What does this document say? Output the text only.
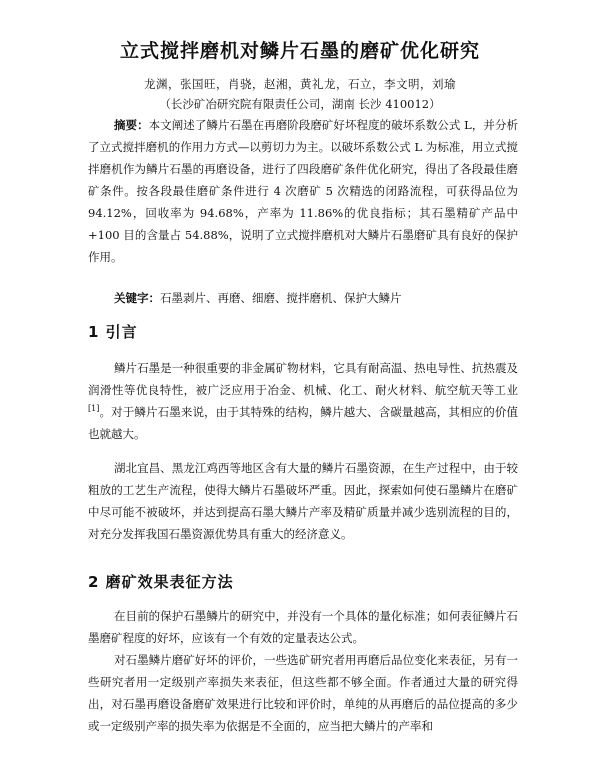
立式搅拌磨机对鳞片石墨的磨矿优化研究
龙渊，张国旺，肖骁，赵湘，黄礼龙，石立，李文明，刘瑜
（长沙矿冶研究院有限责任公司，湖南 长沙 410012）
摘要：本文阐述了鳞片石墨在再磨阶段磨矿好坏程度的破坏系数公式 L，并分析了立式搅拌磨机的作用力方式—以剪切力为主。以破坏系数公式 L 为标准，用立式搅拌磨机作为鳞片石墨的再磨设备，进行了四段磨矿条件优化研究，得出了各段最佳磨矿条件。按各段最佳磨矿条件进行 4 次磨矿 5 次精选的闭路流程，可获得品位为 94.12%，回收率为 94.68%，产率为 11.86%的优良指标；其石墨精矿产品中+100 目的含量占 54.88%，说明了立式搅拌磨机对大鳞片石墨磨矿具有良好的保护作用。
关键字：石墨剥片、再磨、细磨、搅拌磨机、保护大鳞片
1 引言
鳞片石墨是一种很重要的非金属矿物材料，它具有耐高温、热电导性、抗热震及润滑性等优良特性，被广泛应用于冶金、机械、化工、耐火材料、航空航天等工业[1]。对于鳞片石墨来说，由于其特殊的结构，鳞片越大、含碳量越高，其相应的价值也就越大。
湖北宜昌、黑龙江鸡西等地区含有大量的鳞片石墨资源，在生产过程中，由于较粗放的工艺生产流程，使得大鳞片石墨破坏严重。因此，探索如何使石墨鳞片在磨矿中尽可能不被破坏，并达到提高石墨大鳞片产率及精矿质量并减少选别流程的目的，对充分发挥我国石墨资源优势具有重大的经济意义。
2 磨矿效果表征方法
在目前的保护石墨鳞片的研究中，并没有一个具体的量化标准；如何表征鳞片石墨磨矿程度的好坏，应该有一个有效的定量表达公式。
对石墨鳞片磨矿好坏的评价，一些选矿研究者用再磨后品位变化来表征，另有一些研究者用一定级别产率损失来表征，但这些都不够全面。作者通过大量的研究得出，对石墨再磨设备磨矿效果进行比较和评价时，单纯的从再磨后的品位提高的多少或一定级别产率的损失率为依据是不全面的，应当把大鳞片的产率和
